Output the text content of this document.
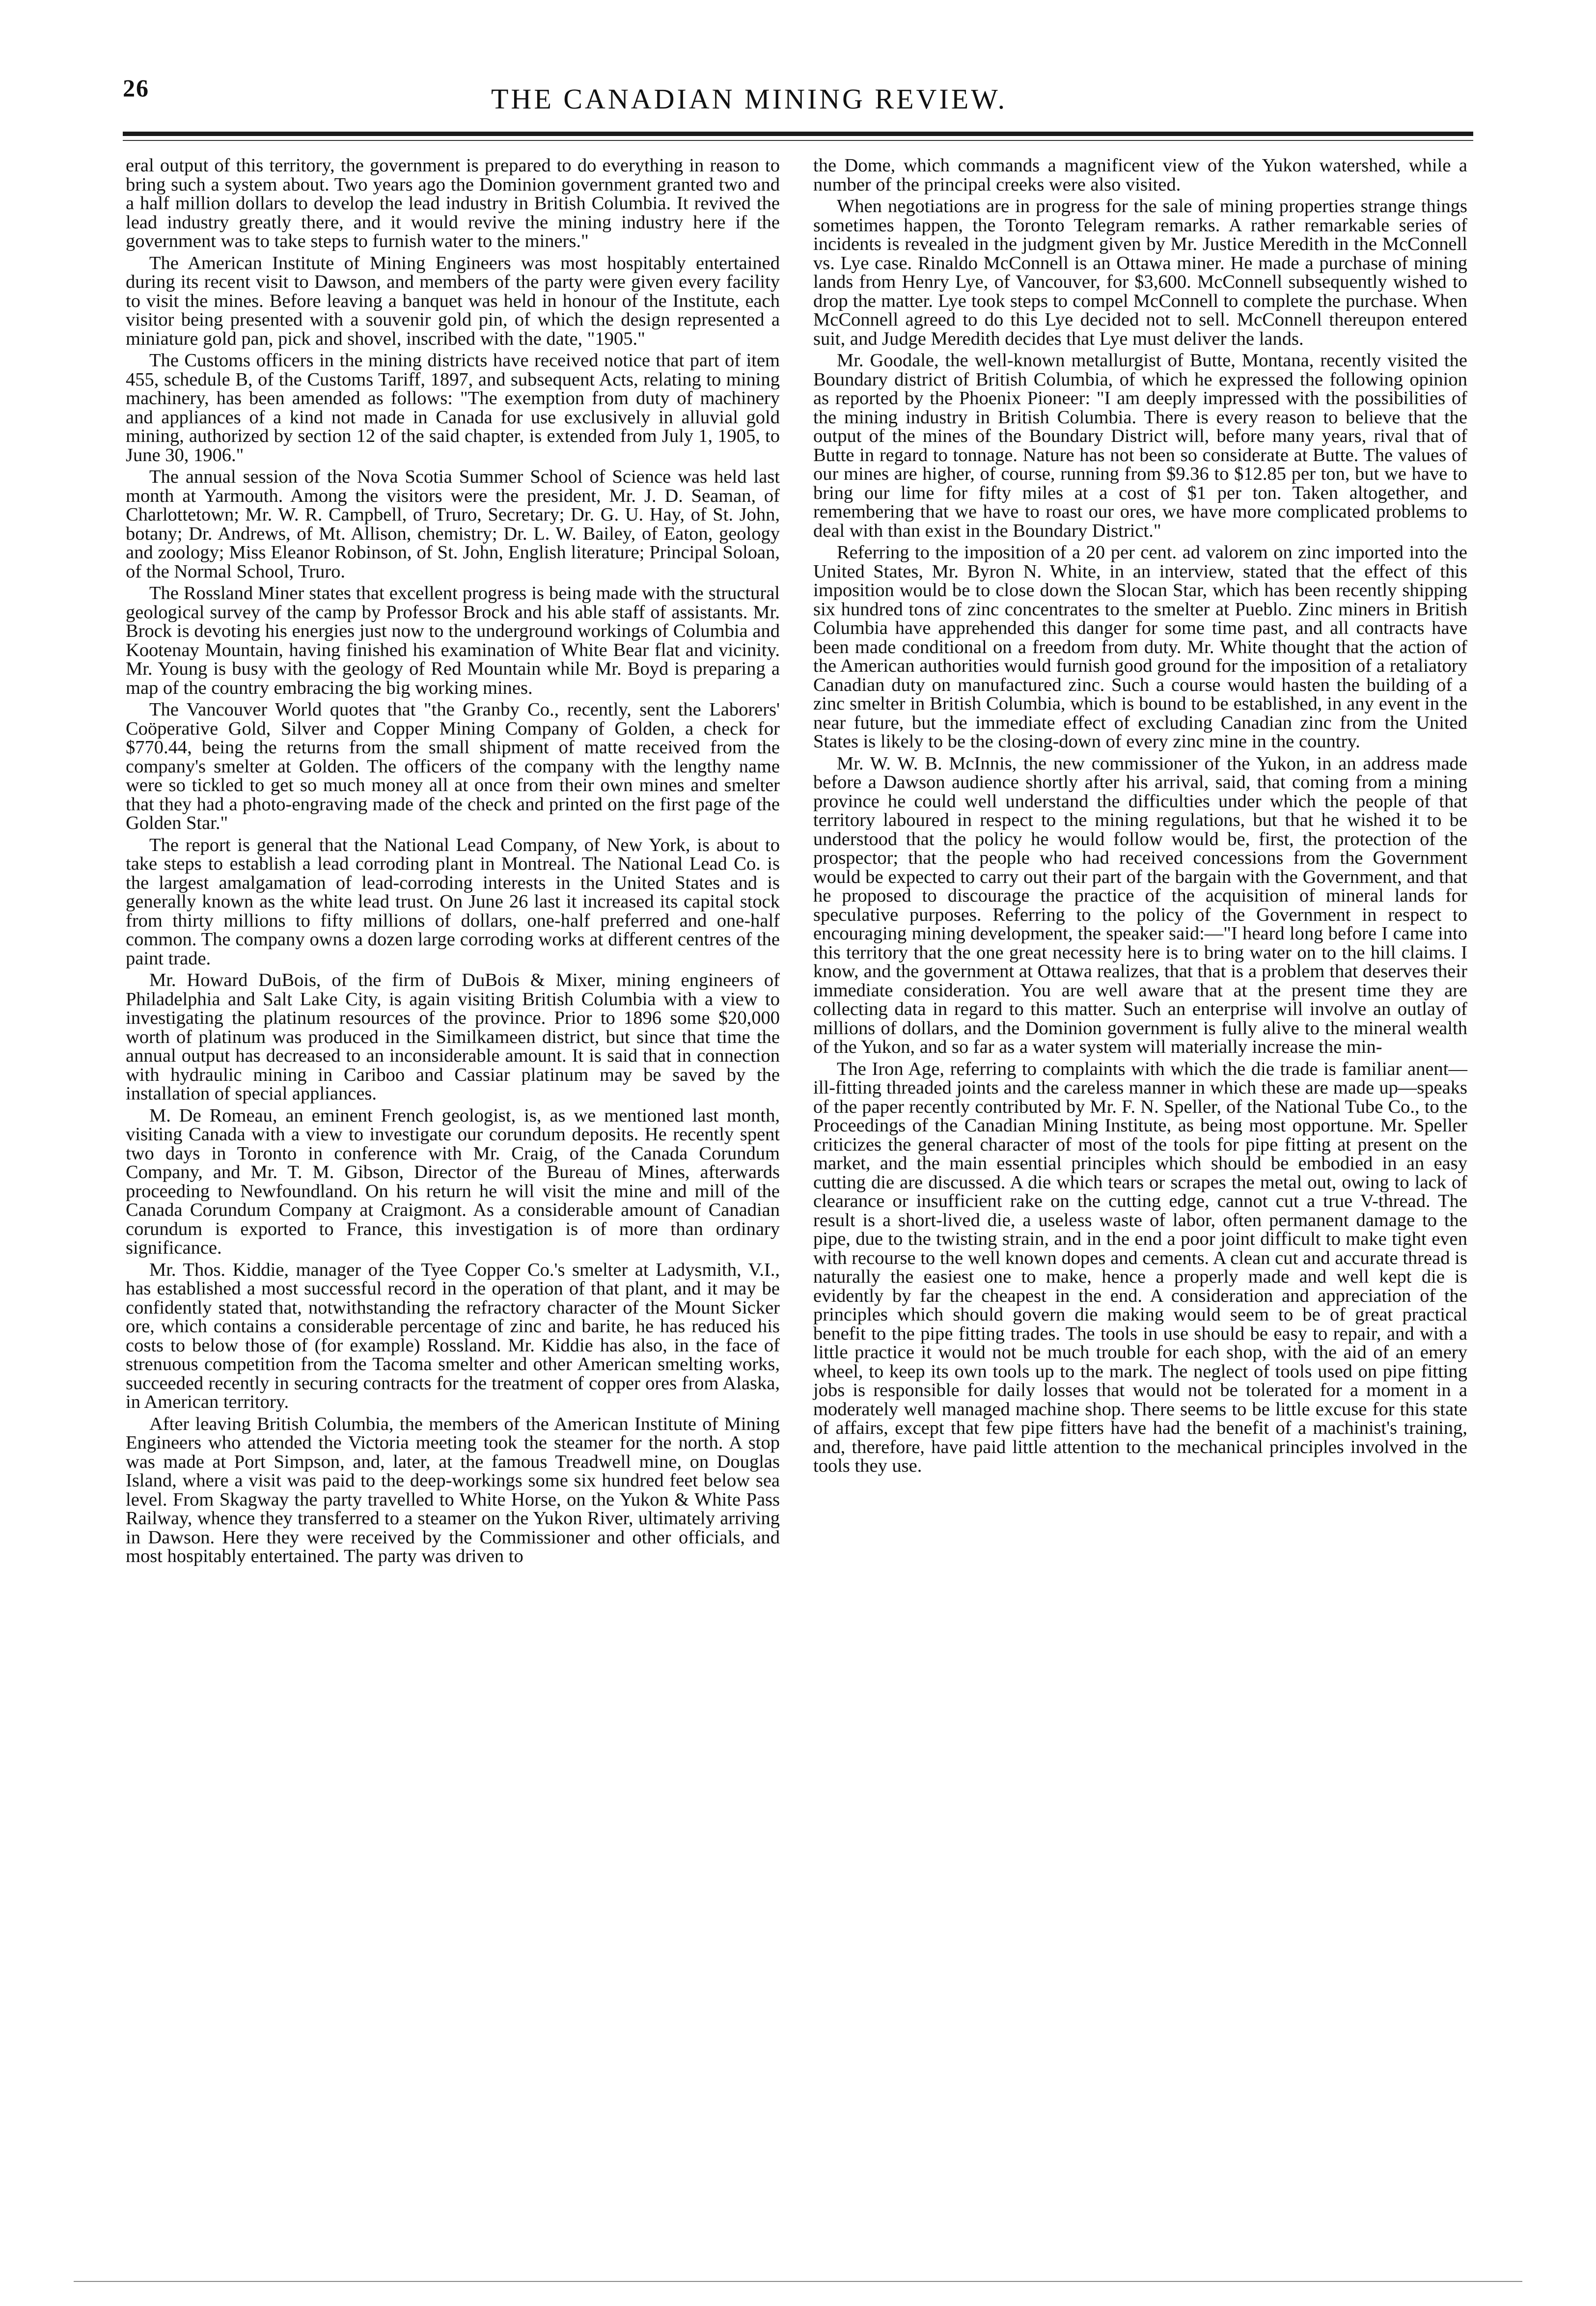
26	THE CANADIAN MINING REVIEW.

eral output of this territory, the government is prepared to do everything in reason to bring such a system about. Two years ago the Dominion government granted two and a half million dollars to develop the lead industry in British Columbia. It revived the lead industry greatly there, and it would revive the mining industry here if the government was to take steps to furnish water to the miners."

The American Institute of Mining Engineers was most hospitably entertained during its recent visit to Dawson, and members of the party were given every facility to visit the mines. Before leaving a banquet was held in honour of the Institute, each visitor being presented with a souvenir gold pin, of which the design represented a miniature gold pan, pick and shovel, inscribed with the date, "1905."

The Customs officers in the mining districts have received notice that part of item 455, schedule B, of the Customs Tariff, 1897, and subsequent Acts, relating to mining machinery, has been amended as follows: "The exemption from duty of machinery and appliances of a kind not made in Canada for use exclusively in alluvial gold mining, authorized by section 12 of the said chapter, is extended from July 1, 1905, to June 30, 1906."

The annual session of the Nova Scotia Summer School of Science was held last month at Yarmouth. Among the visitors were the president, Mr. J. D. Seaman, of Charlottetown; Mr. W. R. Campbell, of Truro, Secretary; Dr. G. U. Hay, of St. John, botany; Dr. Andrews, of Mt. Allison, chemistry; Dr. L. W. Bailey, of Eaton, geology and zoology; Miss Eleanor Robinson, of St. John, English literature; Principal Soloan, of the Normal School, Truro.

The Rossland Miner states that excellent progress is being made with the structural geological survey of the camp by Professor Brock and his able staff of assistants. Mr. Brock is devoting his energies just now to the underground workings of Columbia and Kootenay Mountain, having finished his examination of White Bear flat and vicinity. Mr. Young is busy with the geology of Red Mountain while Mr. Boyd is preparing a map of the country embracing the big working mines.

The Vancouver World quotes that "the Granby Co., recently, sent the Laborers' Coöperative Gold, Silver and Copper Mining Company of Golden, a check for $770.44, being the returns from the small shipment of matte received from the company's smelter at Golden. The officers of the company with the lengthy name were so tickled to get so much money all at once from their own mines and smelter that they had a photo-engraving made of the check and printed on the first page of the Golden Star."

The report is general that the National Lead Company, of New York, is about to take steps to establish a lead corroding plant in Montreal. The National Lead Co. is the largest amalgamation of lead-corroding interests in the United States and is generally known as the white lead trust. On June 26 last it increased its capital stock from thirty millions to fifty millions of dollars, one-half preferred and one-half common. The company owns a dozen large corroding works at different centres of the paint trade.

Mr. Howard DuBois, of the firm of DuBois & Mixer, mining engineers of Philadelphia and Salt Lake City, is again visiting British Columbia with a view to investigating the platinum resources of the province. Prior to 1896 some $20,000 worth of platinum was produced in the Similkameen district, but since that time the annual output has decreased to an inconsiderable amount. It is said that in connection with hydraulic mining in Cariboo and Cassiar platinum may be saved by the installation of special appliances.

M. De Romeau, an eminent French geologist, is, as we mentioned last month, visiting Canada with a view to investigate our corundum deposits. He recently spent two days in Toronto in conference with Mr. Craig, of the Canada Corundum Company, and Mr. T. M. Gibson, Director of the Bureau of Mines, afterwards proceeding to Newfoundland. On his return he will visit the mine and mill of the Canada Corundum Company at Craigmont. As a considerable amount of Canadian corundum is exported to France, this investigation is of more than ordinary significance.

Mr. Thos. Kiddie, manager of the Tyee Copper Co.'s smelter at Ladysmith, V.I., has established a most successful record in the operation of that plant, and it may be confidently stated that, notwithstanding the refractory character of the Mount Sicker ore, which contains a considerable percentage of zinc and barite, he has reduced his costs to below those of (for example) Rossland. Mr. Kiddie has also, in the face of strenuous competition from the Tacoma smelter and other American smelting works, succeeded recently in securing contracts for the treatment of copper ores from Alaska, in American territory.

After leaving British Columbia, the members of the American Institute of Mining Engineers who attended the Victoria meeting took the steamer for the north. A stop was made at Port Simpson, and, later, at the famous Treadwell mine, on Douglas Island, where a visit was paid to the deep-workings some six hundred feet below sea level. From Skagway the party travelled to White Horse, on the Yukon & White Pass Railway, whence they transferred to a steamer on the Yukon River, ultimately arriving in Dawson. Here they were received by the Commissioner and other officials, and most hospitably entertained. The party was driven to

the Dome, which commands a magnificent view of the Yukon watershed, while a number of the principal creeks were also visited.

When negotiations are in progress for the sale of mining properties strange things sometimes happen, the Toronto Telegram remarks. A rather remarkable series of incidents is revealed in the judgment given by Mr. Justice Meredith in the McConnell vs. Lye case. Rinaldo McConnell is an Ottawa miner. He made a purchase of mining lands from Henry Lye, of Vancouver, for $3,600. McConnell subsequently wished to drop the matter. Lye took steps to compel McConnell to complete the purchase. When McConnell agreed to do this Lye decided not to sell. McConnell thereupon entered suit, and Judge Meredith decides that Lye must deliver the lands.

Mr. Goodale, the well-known metallurgist of Butte, Montana, recently visited the Boundary district of British Columbia, of which he expressed the following opinion as reported by the Phoenix Pioneer: "I am deeply impressed with the possibilities of the mining industry in British Columbia. There is every reason to believe that the output of the mines of the Boundary District will, before many years, rival that of Butte in regard to tonnage. Nature has not been so considerate at Butte. The values of our mines are higher, of course, running from $9.36 to $12.85 per ton, but we have to bring our lime for fifty miles at a cost of $1 per ton. Taken altogether, and remembering that we have to roast our ores, we have more complicated problems to deal with than exist in the Boundary District."

Referring to the imposition of a 20 per cent. ad valorem on zinc imported into the United States, Mr. Byron N. White, in an interview, stated that the effect of this imposition would be to close down the Slocan Star, which has been recently shipping six hundred tons of zinc concentrates to the smelter at Pueblo. Zinc miners in British Columbia have apprehended this danger for some time past, and all contracts have been made conditional on a freedom from duty. Mr. White thought that the action of the American authorities would furnish good ground for the imposition of a retaliatory Canadian duty on manufactured zinc. Such a course would hasten the building of a zinc smelter in British Columbia, which is bound to be established, in any event in the near future, but the immediate effect of excluding Canadian zinc from the United States is likely to be the closing-down of every zinc mine in the country.

Mr. W. W. B. McInnis, the new commissioner of the Yukon, in an address made before a Dawson audience shortly after his arrival, said, that coming from a mining province he could well understand the difficulties under which the people of that territory laboured in respect to the mining regulations, but that he wished it to be understood that the policy he would follow would be, first, the protection of the prospector; that the people who had received concessions from the Government would be expected to carry out their part of the bargain with the Government, and that he proposed to discourage the practice of the acquisition of mineral lands for speculative purposes. Referring to the policy of the Government in respect to encouraging mining development, the speaker said:—"I heard long before I came into this territory that the one great necessity here is to bring water on to the hill claims. I know, and the government at Ottawa realizes, that that is a problem that deserves their immediate consideration. You are well aware that at the present time they are collecting data in regard to this matter. Such an enterprise will involve an outlay of millions of dollars, and the Dominion government is fully alive to the mineral wealth of the Yukon, and so far as a water system will materially increase the min-

The Iron Age, referring to complaints with which the die trade is familiar anent—ill-fitting threaded joints and the careless manner in which these are made up—speaks of the paper recently contributed by Mr. F. N. Speller, of the National Tube Co., to the Proceedings of the Canadian Mining Institute, as being most opportune. Mr. Speller criticizes the general character of most of the tools for pipe fitting at present on the market, and the main essential principles which should be embodied in an easy cutting die are discussed. A die which tears or scrapes the metal out, owing to lack of clearance or insufficient rake on the cutting edge, cannot cut a true V-thread. The result is a short-lived die, a useless waste of labor, often permanent damage to the pipe, due to the twisting strain, and in the end a poor joint difficult to make tight even with recourse to the well known dopes and cements. A clean cut and accurate thread is naturally the easiest one to make, hence a properly made and well kept die is evidently by far the cheapest in the end. A consideration and appreciation of the principles which should govern die making would seem to be of great practical benefit to the pipe fitting trades. The tools in use should be easy to repair, and with a little practice it would not be much trouble for each shop, with the aid of an emery wheel, to keep its own tools up to the mark. The neglect of tools used on pipe fitting jobs is responsible for daily losses that would not be tolerated for a moment in a moderately well managed machine shop. There seems to be little excuse for this state of affairs, except that few pipe fitters have had the benefit of a machinist's training, and, therefore, have paid little attention to the mechanical principles involved in the tools they use.
